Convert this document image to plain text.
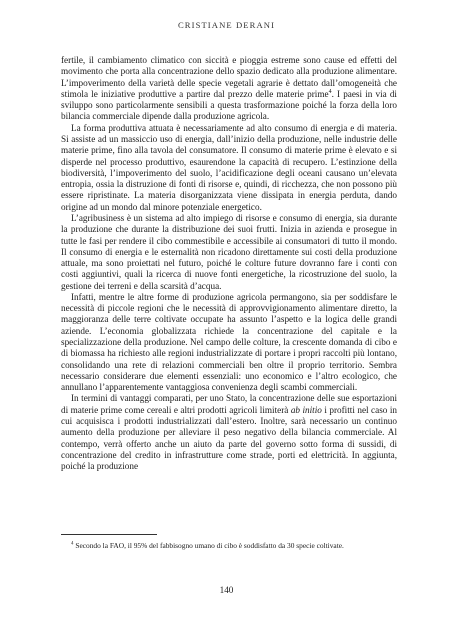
CRISTIANE DERANI

fertile, il cambiamento climatico con siccità e pioggia estreme sono cause ed effetti del movimento che porta alla concentrazione dello spazio dedicato alla produzione alimentare. L’impoverimento della varietà delle specie vegetali agrarie è dettato dall’omogeneità che stimola le iniziative produttive a partire dal prezzo delle materie prime$^4$. I paesi in via di sviluppo sono particolarmente sensibili a questa trasformazione poiché la forza della loro bilancia commerciale dipende dalla produzione agricola.

La forma produttiva attuata è necessariamente ad alto consumo di energia e di materia. Si assiste ad un massiccio uso di energia, dall’inizio della produzione, nelle industrie delle materie prime, fino alla tavola del consumatore. Il consumo di materie prime è elevato e si disperde nel processo produttivo, esaurendone la capacità di recupero. L’estinzione della biodiversità, l’impoverimento del suolo, l’acidificazione degli oceani causano un’elevata entropia, ossia la distruzione di fonti di risorse e, quindi, di ricchezza, che non possono più essere ripristinate. La materia disorganizzata viene dissipata in energia perduta, dando origine ad un mondo dal minore potenziale energetico.

L’agribusiness è un sistema ad alto impiego di risorse e consumo di energia, sia durante la produzione che durante la distribuzione dei suoi frutti. Inizia in azienda e prosegue in tutte le fasi per rendere il cibo commestibile e accessibile ai consumatori di tutto il mondo. Il consumo di energia e le esternalità non ricadono direttamente sui costi della produzione attuale, ma sono proiettati nel futuro, poiché le colture future dovranno fare i conti con costi aggiuntivi, quali la ricerca di nuove fonti energetiche, la ricostruzione del suolo, la gestione dei terreni e della scarsità d’acqua.

Infatti, mentre le altre forme di produzione agricola permangono, sia per soddisfare le necessità di piccole regioni che le necessità di approvvigionamento alimentare diretto, la maggioranza delle terre coltivate occupate ha assunto l’aspetto e la logica delle grandi aziende. L’economia globalizzata richiede la concentrazione del capitale e la specializzazione della produzione. Nel campo delle colture, la crescente domanda di cibo e di biomassa ha richiesto alle regioni industrializzate di portare i propri raccolti più lontano, consolidando una rete di relazioni commerciali ben oltre il proprio territorio. Sembra necessario considerare due elementi essenziali: uno economico e l’altro ecologico, che annullano l’apparentemente vantaggiosa convenienza degli scambi commerciali.

In termini di vantaggi comparati, per uno Stato, la concentrazione delle sue esportazioni di materie prime come cereali e altri prodotti agricoli limiterà ab initio i profitti nel caso in cui acquisisca i prodotti industrializzati dall’estero. Inoltre, sarà necessario un continuo aumento della produzione per alleviare il peso negativo della bilancia commerciale. Al contempo, verrà offerto anche un aiuto da parte del governo sotto forma di sussidi, di concentrazione del credito in infrastrutture come strade, porti ed elettricità. In aggiunta, poiché la produzione

$^4$ Secondo la FAO, il 95% del fabbisogno umano di cibo è soddisfatto da 30 specie coltivate.
140
